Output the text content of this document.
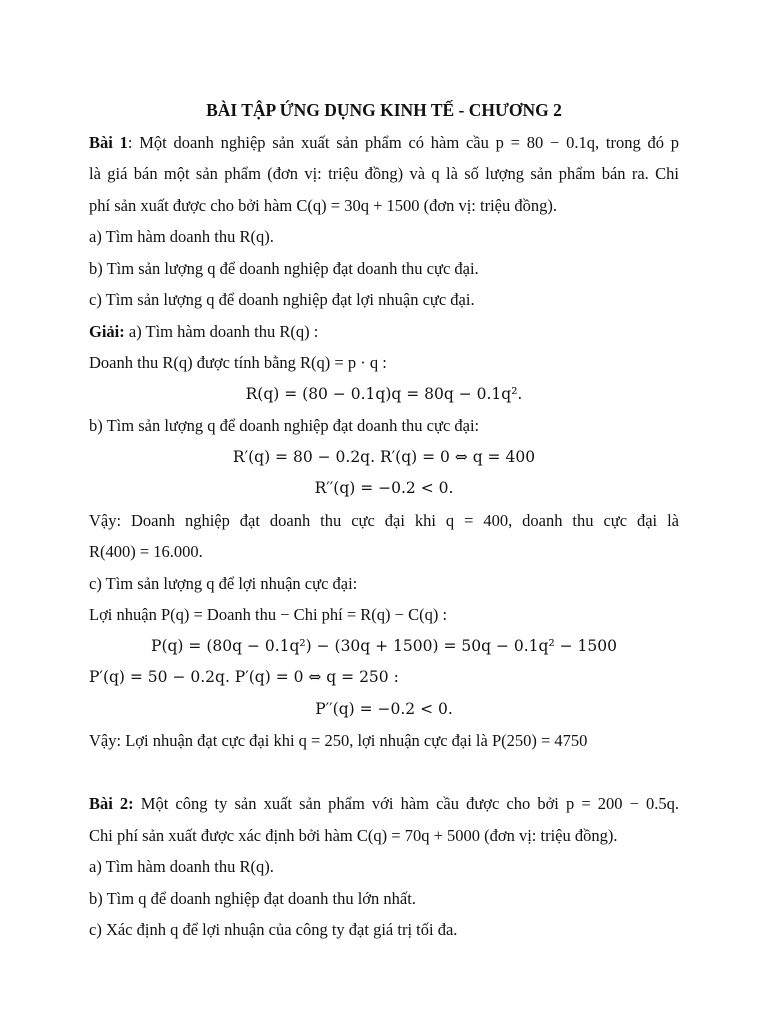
BÀI TẬP ỨNG DỤNG KINH TẾ - CHƯƠNG 2
Bài 1: Một doanh nghiệp sản xuất sản phẩm có hàm cầu p = 80 − 0.1q, trong đó p
là giá bán một sản phẩm (đơn vị: triệu đồng) và q là số lượng sản phẩm bán ra. Chi
phí sản xuất được cho bởi hàm C(q) = 30q + 1500 (đơn vị: triệu đồng).
a) Tìm hàm doanh thu R(q).
b) Tìm sản lượng q để doanh nghiệp đạt doanh thu cực đại.
c) Tìm sản lượng q để doanh nghiệp đạt lợi nhuận cực đại.
Giải: a) Tìm hàm doanh thu R(q) :
Doanh thu R(q) được tính bằng R(q) = p · q :
R(q) = (80 − 0.1q)q = 80q − 0.1q².
b) Tìm sản lượng q để doanh nghiệp đạt doanh thu cực đại:
R′(q) = 80 − 0.2q. R′(q) = 0 ⇔ q = 400
R′′(q) = −0.2 < 0.
Vậy: Doanh nghiệp đạt doanh thu cực đại khi q = 400, doanh thu cực đại là
R(400) = 16.000.
c) Tìm sản lượng q để lợi nhuận cực đại:
Lợi nhuận P(q) = Doanh thu − Chi phí = R(q) − C(q) :
P(q) = (80q − 0.1q²) − (30q + 1500) = 50q − 0.1q² − 1500
P′(q) = 50 − 0.2q. P′(q) = 0 ⇔ q = 250 :
P′′(q) = −0.2 < 0.
Vậy: Lợi nhuận đạt cực đại khi q = 250, lợi nhuận cực đại là P(250) = 4750
Bài 2: Một công ty sản xuất sản phẩm với hàm cầu được cho bởi p = 200 − 0.5q.
Chi phí sản xuất được xác định bởi hàm C(q) = 70q + 5000 (đơn vị: triệu đồng).
a) Tìm hàm doanh thu R(q).
b) Tìm q để doanh nghiệp đạt doanh thu lớn nhất.
c) Xác định q để lợi nhuận của công ty đạt giá trị tối đa.
